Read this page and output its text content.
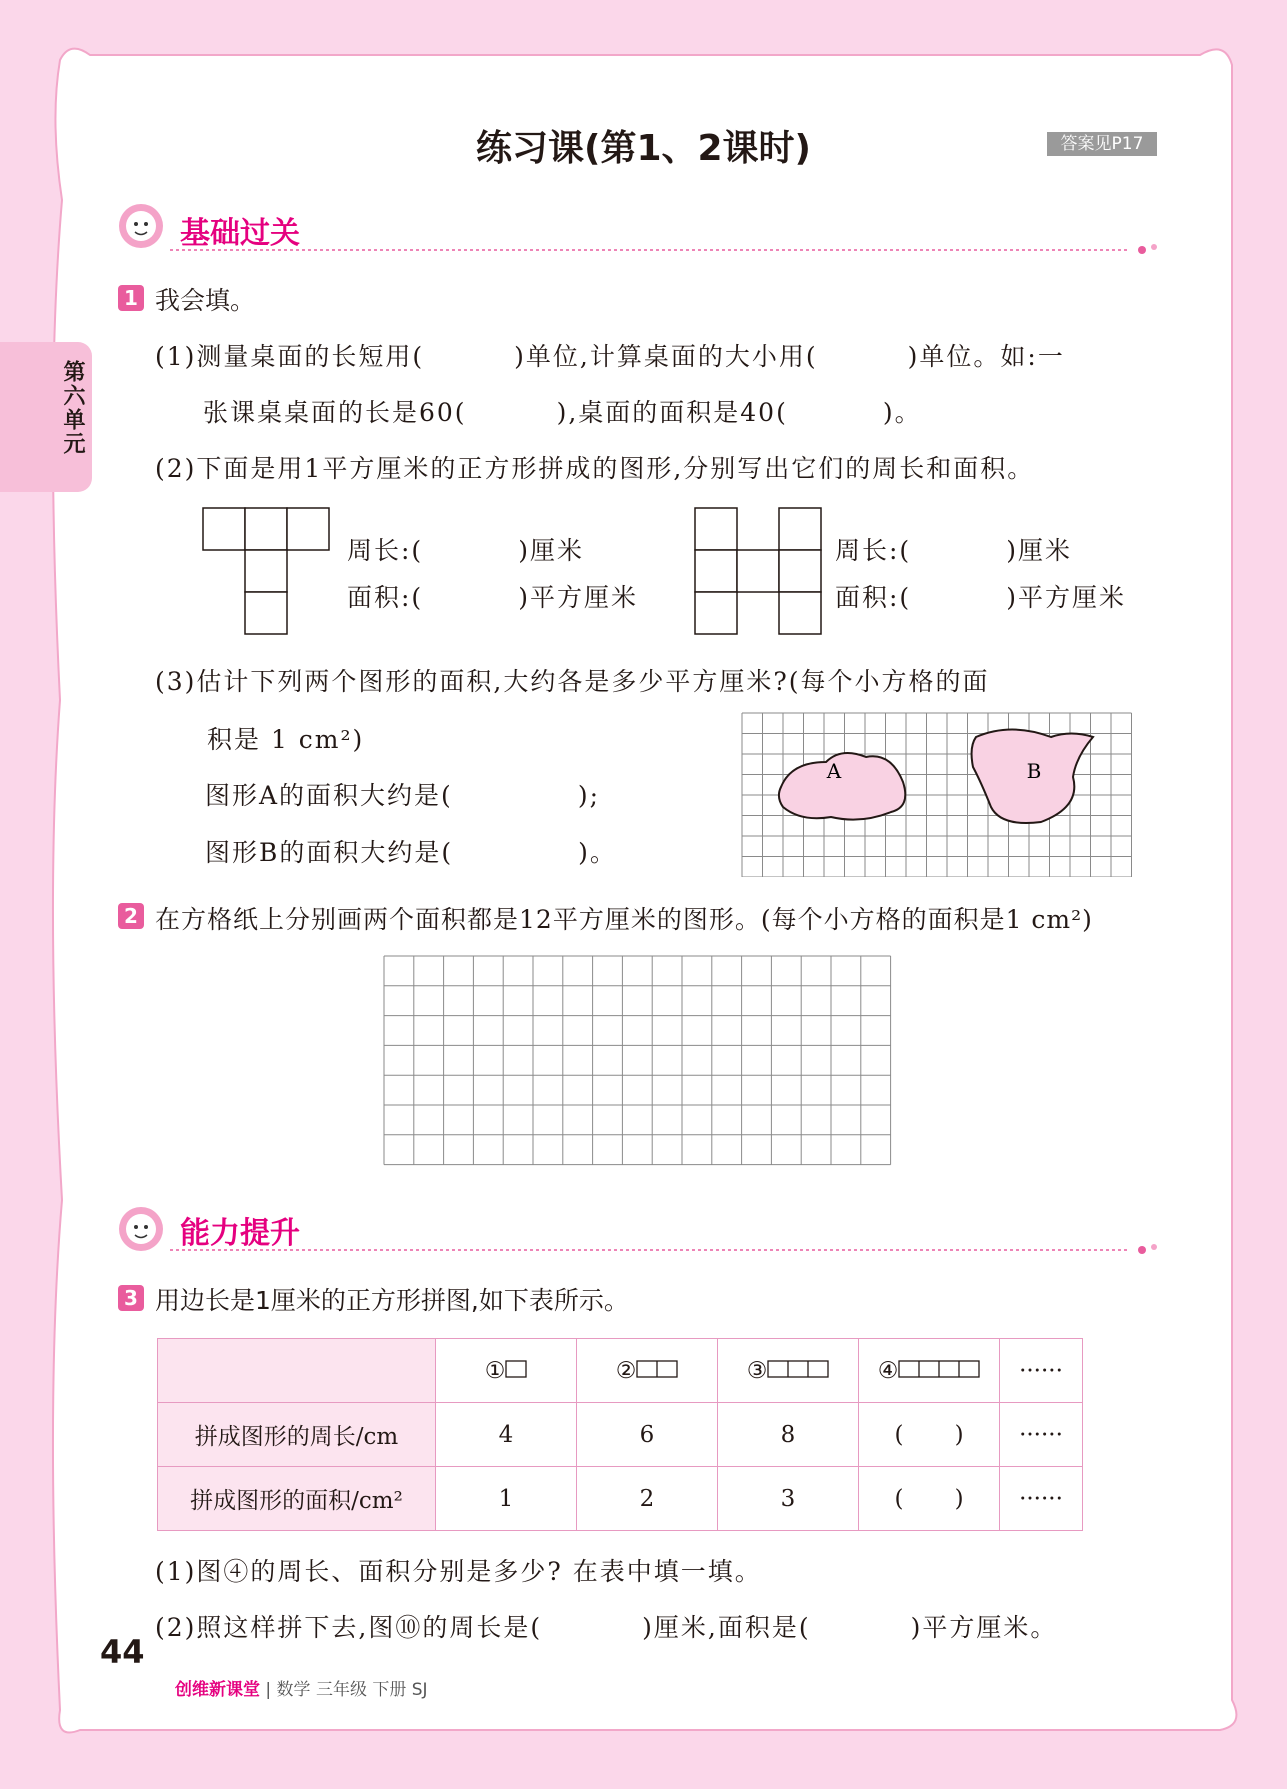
练习课(第1、2课时)	答案见P17
第六单元
基础过关
1 我会填。
(1)测量桌面的长短用(	)单位,计算桌面的大小用(	)单位。如:一
张课桌桌面的长是60(	),桌面的面积是40(	)。
(2)下面是用1平方厘米的正方形拼成的图形,分别写出它们的周长和面积。
周长:(	)厘米
面积:(	)平方厘米
周长:(	)厘米
面积:(	)平方厘米
(3)估计下列两个图形的面积,大约各是多少平方厘米?(每个小方格的面
积是 1 cm²)
图形A的面积大约是(	);
图形B的面积大约是(	)。
A	B
2 在方格纸上分别画两个面积都是12平方厘米的图形。(每个小方格的面积是1 cm²)
能力提升
3 用边长是1厘米的正方形拼图,如下表所示。
	①	②	③	④	······
拼成图形的周长/cm	4	6	8	(       )	······
拼成图形的面积/cm²	1	2	3	(       )	······
(1)图④的周长、面积分别是多少? 在表中填一填。
(2)照这样拼下去,图⑩的周长是(	)厘米,面积是(	)平方厘米。
44
创维新课堂 | 数学 三年级 下册 SJ
